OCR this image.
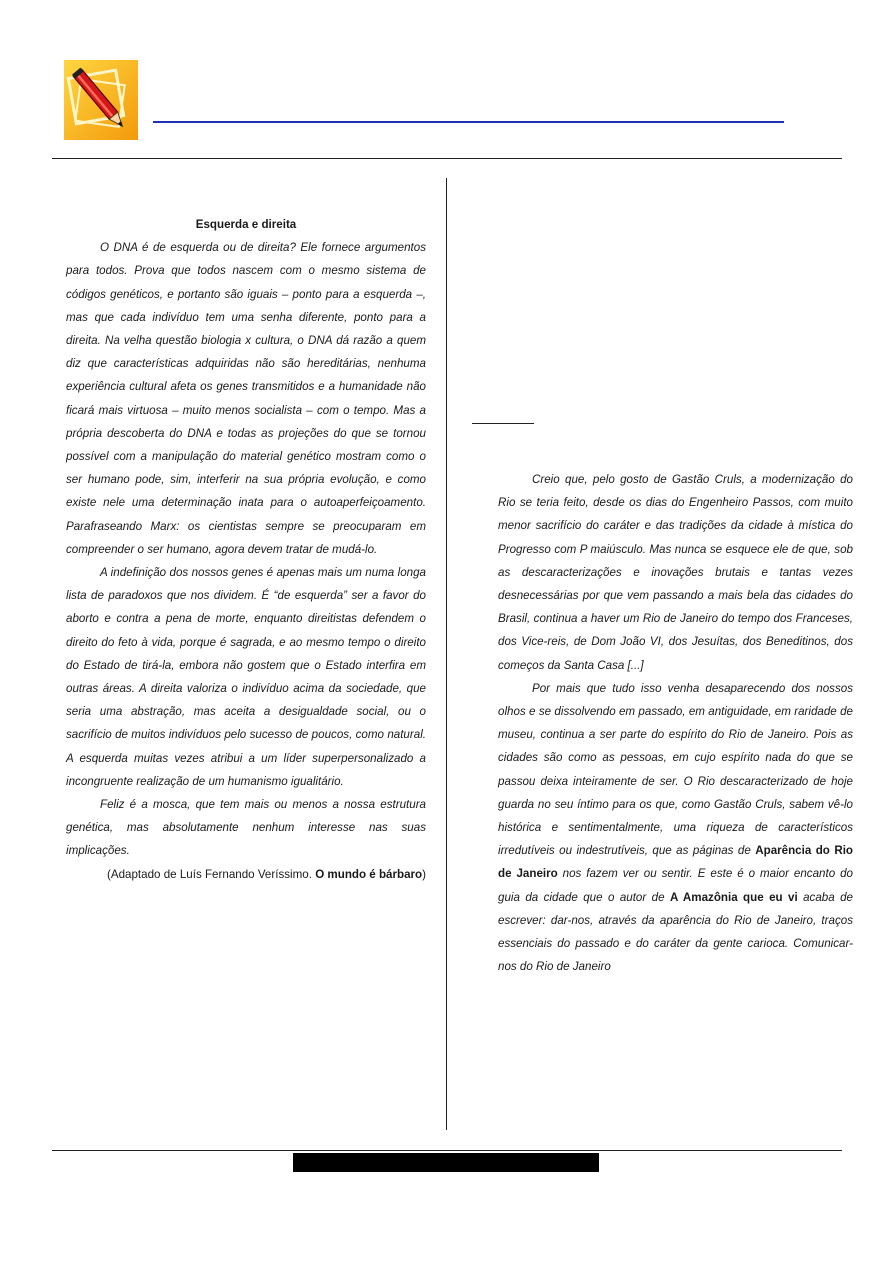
Esquerda e direita

O DNA é de esquerda ou de direita? Ele fornece argumentos para todos. Prova que todos nascem com o mesmo sistema de códigos genéticos, e portanto são iguais – ponto para a esquerda –, mas que cada indivíduo tem uma senha diferente, ponto para a direita. Na velha questão biologia x cultura, o DNA dá razão a quem diz que características adquiridas não são hereditárias, nenhuma experiência cultural afeta os genes transmitidos e a humanidade não ficará mais virtuosa – muito menos socialista – com o tempo. Mas a própria descoberta do DNA e todas as projeções do que se tornou possível com a manipulação do material genético mostram como o ser humano pode, sim, interferir na sua própria evolução, e como existe nele uma determinação inata para o autoaperfeiçoamento. Parafraseando Marx: os cientistas sempre se preocuparam em compreender o ser humano, agora devem tratar de mudá-lo.

A indefinição dos nossos genes é apenas mais um numa longa lista de paradoxos que nos dividem. É “de esquerda” ser a favor do aborto e contra a pena de morte, enquanto direitistas defendem o direito do feto à vida, porque é sagrada, e ao mesmo tempo o direito do Estado de tirá-la, embora não gostem que o Estado interfira em outras áreas. A direita valoriza o indivíduo acima da sociedade, que seria uma abstração, mas aceita a desigualdade social, ou o sacrifício de muitos indivíduos pelo sucesso de poucos, como natural. A esquerda muitas vezes atribui a um líder superpersonalizado a incongruente realização de um humanismo igualitário.

Feliz é a mosca, que tem mais ou menos a nossa estrutura genética, mas absolutamente nenhum interesse nas suas implicações.

(Adaptado de Luís Fernando Veríssimo. O mundo é bárbaro)

Creio que, pelo gosto de Gastão Cruls, a modernização do Rio se teria feito, desde os dias do Engenheiro Passos, com muito menor sacrifício do caráter e das tradições da cidade à mística do Progresso com P maiúsculo. Mas nunca se esquece ele de que, sob as descaracterizações e inovações brutais e tantas vezes desnecessárias por que vem passando a mais bela das cidades do Brasil, continua a haver um Rio de Janeiro do tempo dos Franceses, dos Vice-reis, de Dom João VI, dos Jesuítas, dos Beneditinos, dos começos da Santa Casa [...]

Por mais que tudo isso venha desaparecendo dos nossos olhos e se dissolvendo em passado, em antiguidade, em raridade de museu, continua a ser parte do espírito do Rio de Janeiro. Pois as cidades são como as pessoas, em cujo espírito nada do que se passou deixa inteiramente de ser. O Rio descaracterizado de hoje guarda no seu íntimo para os que, como Gastão Cruls, sabem vê-lo histórica e sentimentalmente, uma riqueza de característicos irredutíveis ou indestrutíveis, que as páginas de Aparência do Rio de Janeiro nos fazem ver ou sentir. E este é o maior encanto do guia da cidade que o autor de A Amazônia que eu vi acaba de escrever: dar-nos, através da aparência do Rio de Janeiro, traços essenciais do passado e do caráter da gente carioca. Comunicar-nos do Rio de Janeiro
